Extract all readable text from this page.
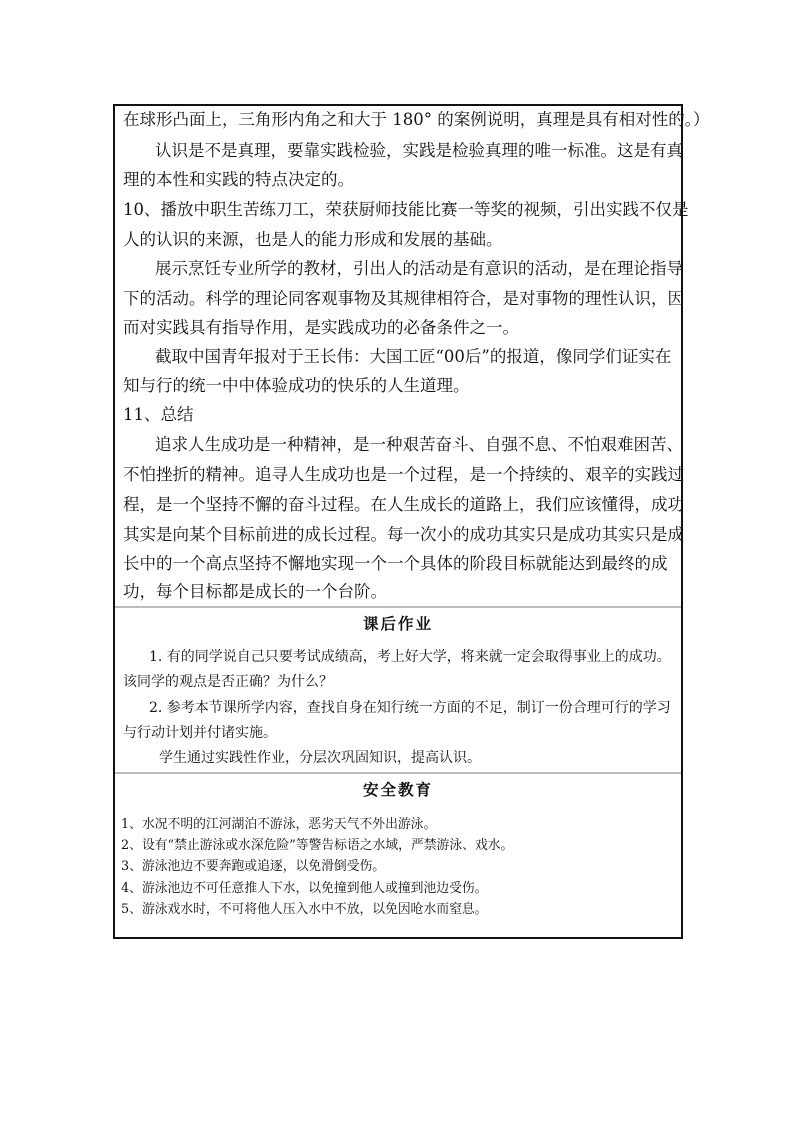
在球形凸面上，三角形内角之和大于 180° 的案例说明，真理是具有相对性的。）
认识是不是真理，要靠实践检验，实践是检验真理的唯一标准。这是有真
理的本性和实践的特点决定的。
10、播放中职生苦练刀工，荣获厨师技能比赛一等奖的视频，引出实践不仅是
人的认识的来源，也是人的能力形成和发展的基础。
展示烹饪专业所学的教材，引出人的活动是有意识的活动，是在理论指导
下的活动。科学的理论同客观事物及其规律相符合，是对事物的理性认识，因
而对实践具有指导作用，是实践成功的必备条件之一。
截取中国青年报对于王长伟：大国工匠“00后”的报道，像同学们证实在
知与行的统一中中体验成功的快乐的人生道理。
11、总结
追求人生成功是一种精神，是一种艰苦奋斗、自强不息、不怕艰难困苦、
不怕挫折的精神。追寻人生成功也是一个过程，是一个持续的、艰辛的实践过
程，是一个坚持不懈的奋斗过程。在人生成长的道路上，我们应该懂得，成功
其实是向某个目标前进的成长过程。每一次小的成功其实只是成功其实只是成
长中的一个高点坚持不懈地实现一个一个具体的阶段目标就能达到最终的成
功，每个目标都是成长的一个台阶。
课后作业
1. 有的同学说自己只要考试成绩高，考上好大学，将来就一定会取得事业上的成功。
该同学的观点是否正确？为什么？
2. 参考本节课所学内容，查找自身在知行统一方面的不足，制订一份合理可行的学习
与行动计划并付诸实施。
学生通过实践性作业，分层次巩固知识，提高认识。
安全教育
1、水况不明的江河湖泊不游泳，恶劣天气不外出游泳。
2、设有“禁止游泳或水深危险”等警告标语之水域，严禁游泳、戏水。
3、游泳池边不要奔跑或追逐，以免滑倒受伤。
4、游泳池边不可任意推人下水，以免撞到他人或撞到池边受伤。
5、游泳戏水时，不可将他人压入水中不放，以免因呛水而窒息。
